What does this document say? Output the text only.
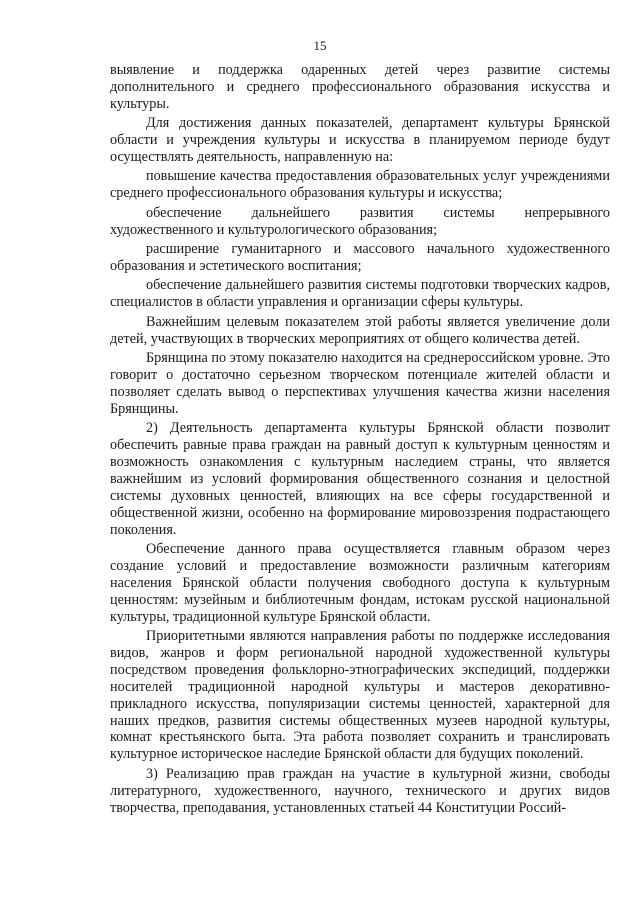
15

выявление и поддержка одаренных детей через развитие системы дополнительного и среднего профессионального образования искусства и культуры.

Для достижения данных показателей, департамент культуры Брянской области и учреждения культуры и искусства в планируемом периоде будут осуществлять деятельность, направленную на:

повышение качества предоставления образовательных услуг учреждениями среднего профессионального образования культуры и искусства;

обеспечение дальнейшего развития системы непрерывного художественного и культурологического образования;

расширение гуманитарного и массового начального художественного образования и эстетического воспитания;

обеспечение дальнейшего развития системы подготовки творческих кадров, специалистов в области управления и организации сферы культуры.

Важнейшим целевым показателем этой работы является увеличение доли детей, участвующих в творческих мероприятиях от общего количества детей.

Брянщина по этому показателю находится на среднероссийском уровне. Это говорит о достаточно серьезном творческом потенциале жителей области и позволяет сделать вывод о перспективах улучшения качества жизни населения Брянщины.

2) Деятельность департамента культуры Брянской области позволит обеспечить равные права граждан на равный доступ к культурным ценностям и возможность ознакомления с культурным наследием страны, что является важнейшим из условий формирования общественного сознания и целостной системы духовных ценностей, влияющих на все сферы государственной и общественной жизни, особенно на формирование мировоззрения подрастающего поколения.

Обеспечение данного права осуществляется главным образом через создание условий и предоставление возможности различным категориям населения Брянской области получения свободного доступа к культурным ценностям: музейным и библиотечным фондам, истокам русской национальной культуры, традиционной культуре Брянской области.

Приоритетными являются направления работы по поддержке исследования видов, жанров и форм региональной народной художественной культуры посредством проведения фольклорно-этнографических экспедиций, поддержки носителей традиционной народной культуры и мастеров декоративно-прикладного искусства, популяризации системы ценностей, характерной для наших предков, развития системы общественных музеев народной культуры, комнат крестьянского быта. Эта работа позволяет сохранить и транслировать культурное историческое наследие Брянской области для будущих поколений.

3) Реализацию прав граждан на участие в культурной жизни, свободы литературного, художественного, научного, технического и других видов творчества, преподавания, установленных статьей 44 Конституции Россий-
